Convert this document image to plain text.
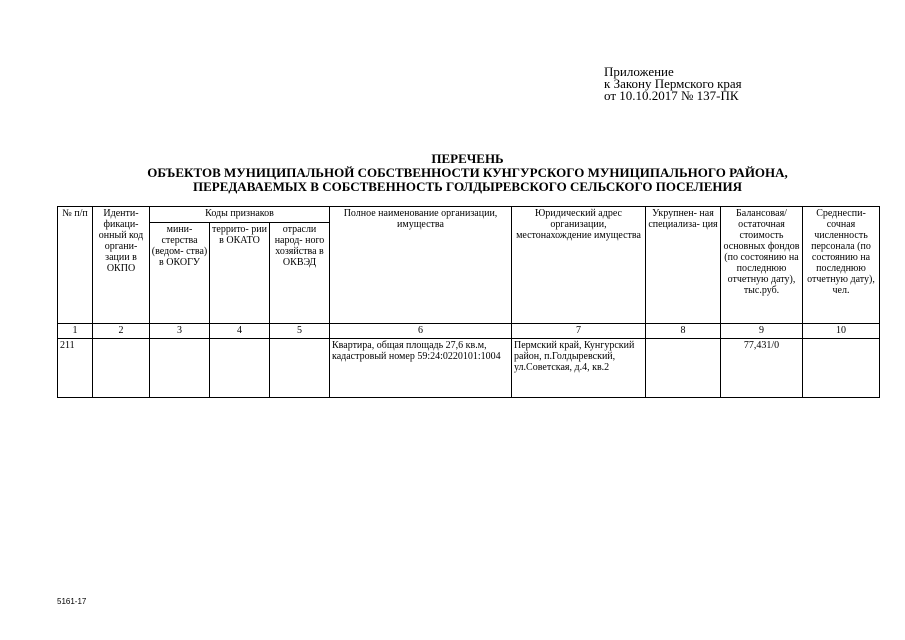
Приложение
к Закону Пермского края
от 10.10.2017 № 137-ПК
ПЕРЕЧЕНЬ
ОБЪЕКТОВ МУНИЦИПАЛЬНОЙ СОБСТВЕННОСТИ КУНГУРСКОГО МУНИЦИПАЛЬНОГО РАЙОНА,
ПЕРЕДАВАЕМЫХ В СОБСТВЕННОСТЬ ГОЛДЫРЕВСКОГО СЕЛЬСКОГО ПОСЕЛЕНИЯ
№ п/п	Иденти- фикаци- онный код органи- зации в ОКПО	Коды признаков			Полное наименование организации, имущества	Юридический адрес организации, местонахождение имущества	Укрупнен- ная специализа- ция	Балансовая/ остаточная стоимость основных фондов (по состоянию на последнюю отчетную дату), тыс.руб.	Среднеспи- сочная численность персонала (по состоянию на последнюю отчетную дату), чел.
		мини- стерства (ведом- ства) в ОКОГУ	террито- рии в ОКАТО	отрасли народ- ного хозяйства в ОКВЭД					
1	2	3	4	5	6	7	8	9	10
211					Квартира, общая площадь 27,6 кв.м, кадастровый номер 59:24:0220101:1004	Пермский край, Кунгурский район, п.Голдыревский, ул.Советская, д.4, кв.2		77,431/0	
5161-17
